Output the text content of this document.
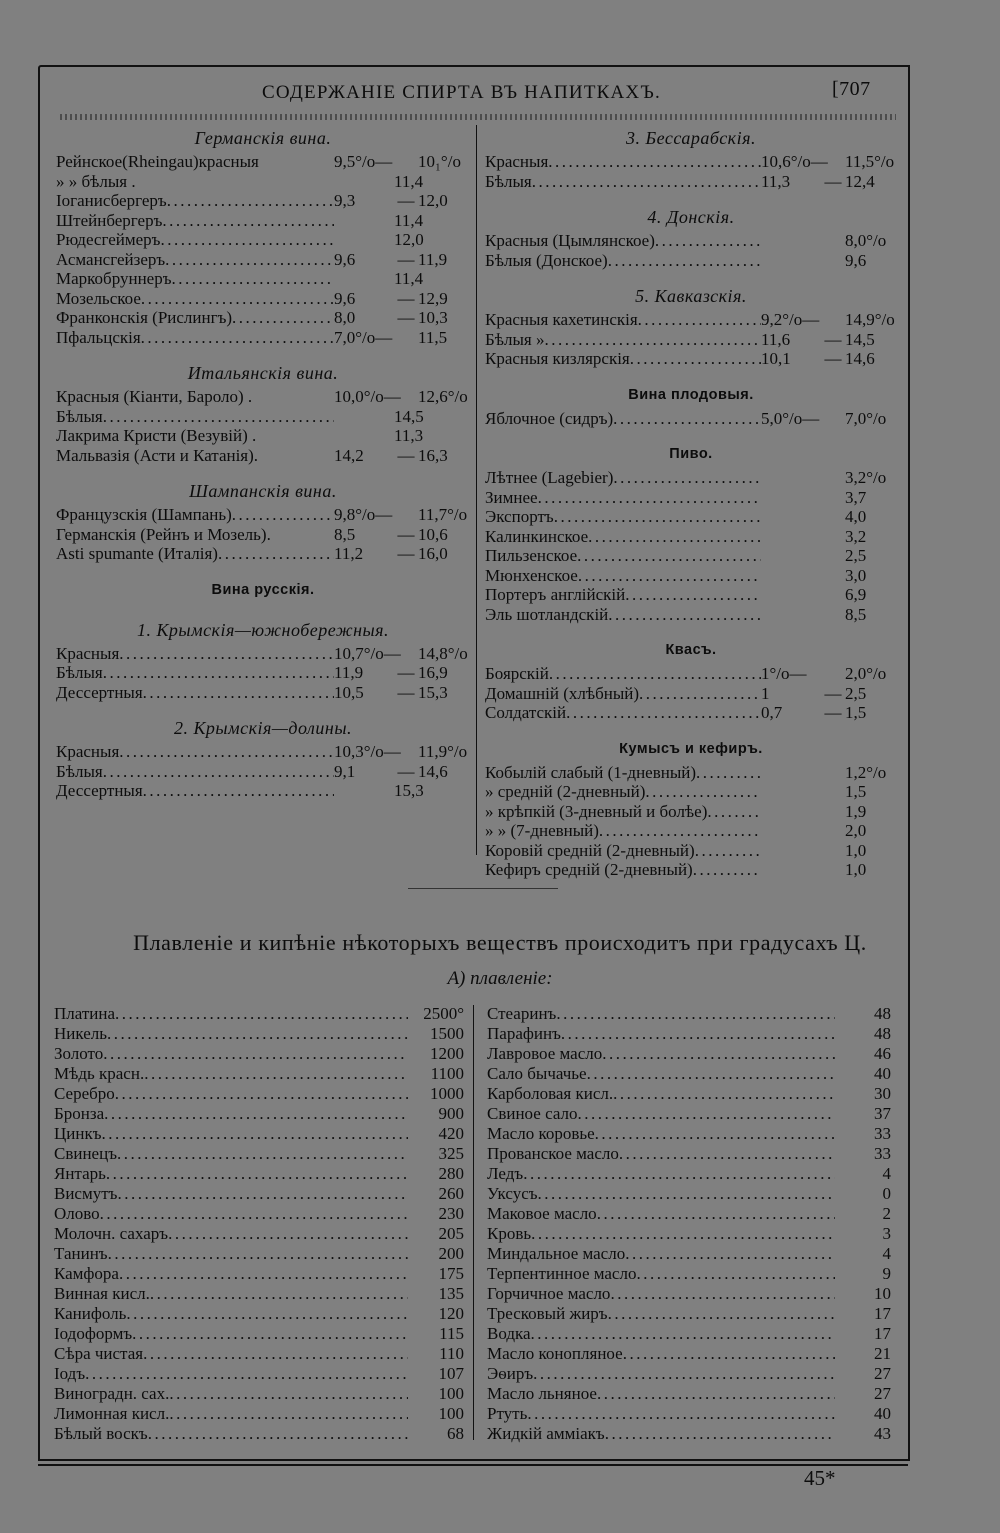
СОДЕРЖАНІЕ СПИРТА ВЪ НАПИТКАХЪ.	[707
Германскія вина.
Рейнское(Rheingau)красныя	9,5°/o— 10₁°/o
» » бѣлыя .	11,4
Іоганисбергеръ .....	9,3 — 12,0
Штейнбергеръ .....	11,4
Рюдесгеймеръ .....	12,0
Асмансгейзеръ .....	9,6 — 11,9
Маркобруннеръ .....	11,4
Мозельское .....	9,6 — 12,9
Франконскія (Рислингъ) .....	8,0 — 10,3
Пфальцскія .....	7,0°/o— 11,5
Итальянскія вина.
Красныя (Кіанти, Бароло) .	10,0°/o— 12,6°/o
Бѣлыя .....	14,5
Лакрима Кристи (Везувій) .	11,3
Мальвазія (Асти и Катанія).	14,2 — 16,3
Шампанскія вина.
Французскія (Шампань) .....	9,8°/o— 11,7°/o
Германскія (Рейнъ и Мозель).	8,5 — 10,6
Asti spumante (Италія) .....	11,2 — 16,0
Вина русскія.
1. Крымскія—южнобережныя.
Красныя .....	10,7°/o— 14,8°/o
Бѣлыя .....	11,9 — 16,9
Дессертныя .....	10,5 — 15,3
2. Крымскія—долины.
Красныя .....	10,3°/o— 11,9°/o
Бѣлыя .....	9,1 — 14,6
Дессертныя .....	15,3
3. Бессарабскія.
Красныя .....	10,6°/o— 11,5°/o
Бѣлыя .....	11,3 — 12,4
4. Донскія.
Красныя (Цымлянское) .....	8,0°/o
Бѣлыя (Донское) .....	9,6
5. Кавказскія.
Красныя кахетинскія .....	9,2°/o— 14,9°/o
Бѣлыя » .....	11,6 — 14,5
Красныя кизлярскія .....	10,1 — 14,6
Вина плодовыя.
Яблочное (сидръ) .....	5,0°/o— 7,0°/o
Пиво.
Лѣтнее (Lagebier) .....	3,2°/o
Зимнее .....	3,7
Экспортъ .....	4,0
Калинкинское .....	3,2
Пильзенское .....	2,5
Мюнхенское .....	3,0
Портеръ англійскій .....	6,9
Эль шотландскій .....	8,5
Квасъ.
Боярскій .....	1°/o— 2,0°/o
Домашній (хлѣбный) .....	1	— 2,5
Солдатскій .....	0,7 — 1,5
Кумысъ и кефиръ.
Кобылій слабый (1-дневный) .....	1,2°/o
» средній (2-дневный) .....	1,5
» крѣпкій (3-дневный и болѣе) .....	1,9
» » (7-дневный) .....	2,0
Коровій средній (2-дневный) .....	1,0
Кефиръ средній (2-дневный) .....	1,0
Плавленіе и кипѣніе нѣкоторыхъ веществъ происходитъ при градусахъ Ц.
А) плавленіе:
Платина .....	2500°
Никель .....	1500
Золото .....	1200
Мѣдь красн. .....	1100
Серебро .....	1000
Бронза .....	900
Цинкъ .....	420
Свинецъ .....	325
Янтарь .....	280
Висмутъ .....	260
Олово .....	230
Молочн. сахаръ .....	205
Танинъ .....	200
Камфора .....	175
Винная кисл. .....	135
Канифоль .....	120
Іодоформъ .....	115
Сѣра чистая .....	110
Іодъ .....	107
Виноградн. сах. .....	100
Лимонная кисл. .....	100
Бѣлый воскъ .....	68
Стеаринъ .....	48
Парафинъ .....	48
Лавровое масло .....	46
Сало бычачье .....	40
Карболовая кисл. .....	30
Свиное сало .....	37
Масло коровье .....	33
Прованское масло .....	33
Ледъ .....	4
Уксусъ .....	0
Маковое масло .....	2
Кровь .....	3
Миндальное масло .....	4
Терпентинное масло .....	9
Горчичное масло .....	10
Тресковый жиръ .....	17
Водка .....	17
Масло конопляное .....	21
Эѳиръ .....	27
Масло льняное .....	27
Ртуть .....	40
Жидкій аммiакъ .....	43
45*
